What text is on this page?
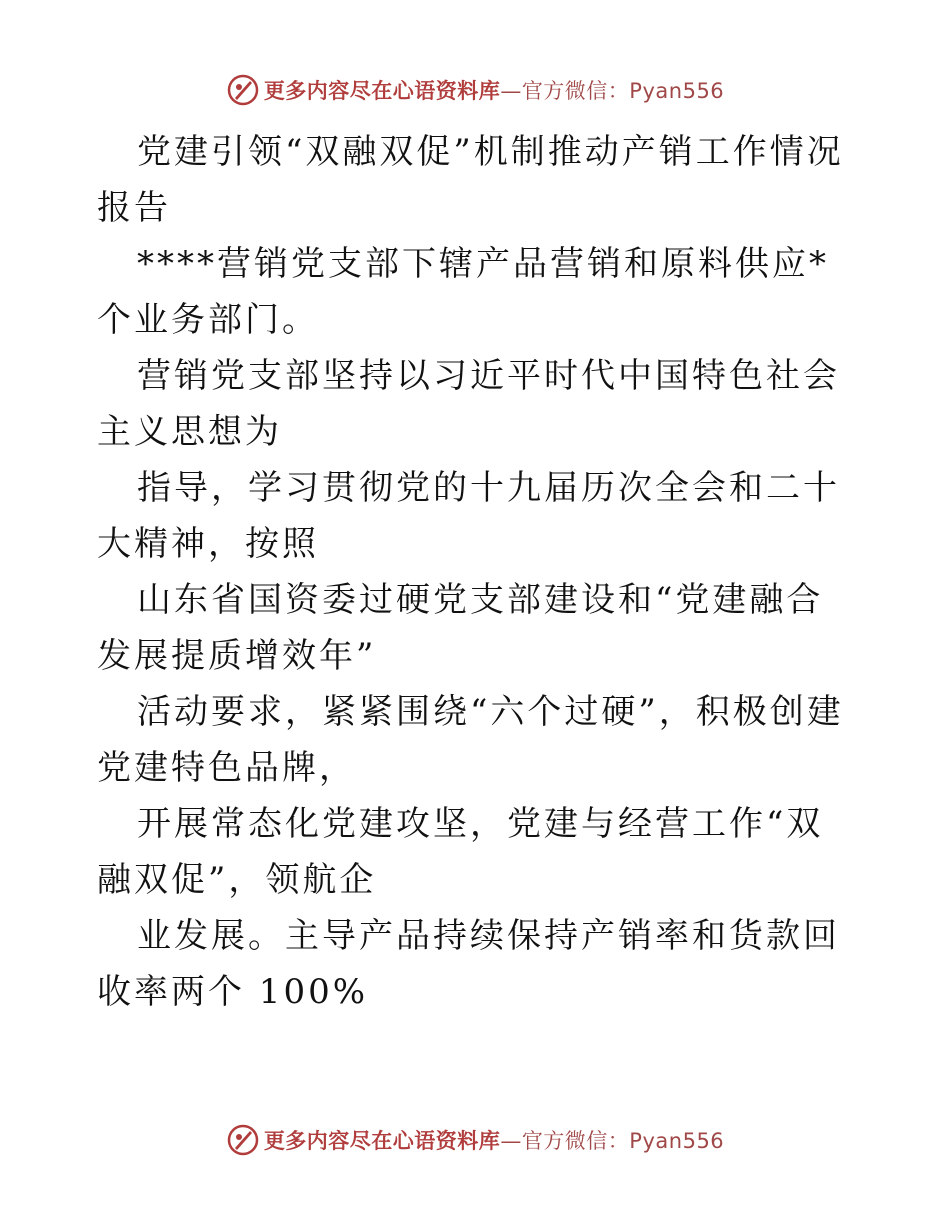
更多内容尽在心语资料库 —官方微信：Pyan556

党建引领“双融双促”机制推动产销工作情况报告

****营销党支部下辖产品营销和原料供应*个业务部门。

营销党支部坚持以习近平时代中国特色社会主义思想为

指导，学习贯彻党的十九届历次全会和二十大精神，按照

山东省国资委过硬党支部建设和“党建融合发展提质增效年”

活动要求，紧紧围绕“六个过硬”，积极创建党建特色品牌，

开展常态化党建攻坚，党建与经营工作“双融双促”，领航企

业发展。主导产品持续保持产销率和货款回收率两个 100%

更多内容尽在心语资料库 —官方微信：Pyan556
